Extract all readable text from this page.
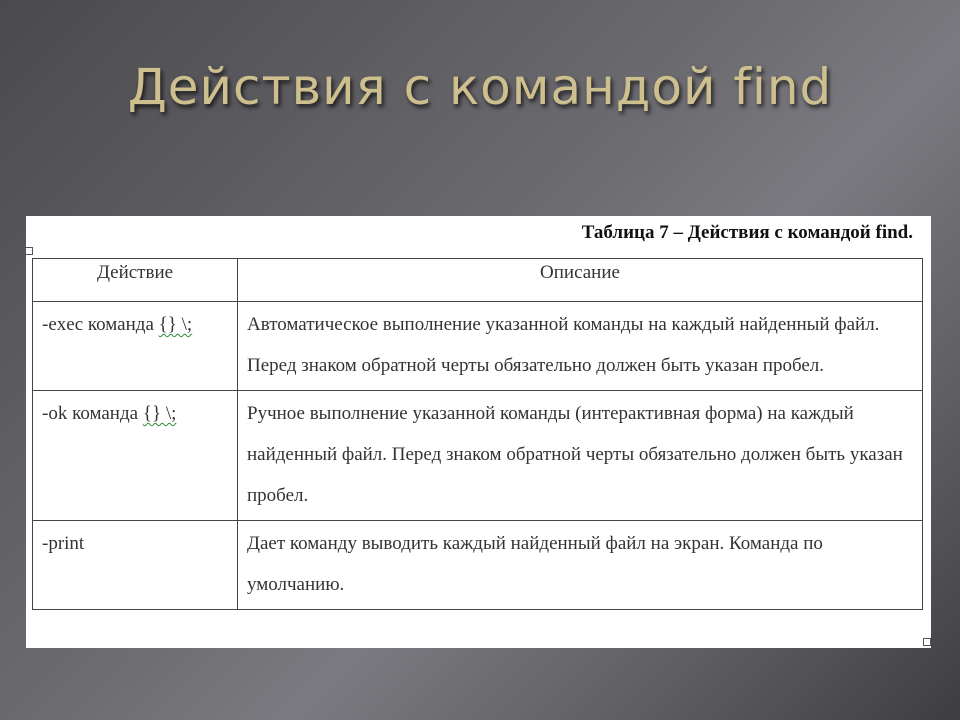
Действия с командой find
Таблица 7 – Действия с командой find.
Действие	Описание
-exec команда {} \;	Автоматическое выполнение указанной команды на каждый найденный файл. Перед знаком обратной черты обязательно должен быть указан пробел.
-ok команда {} \;	Ручное выполнение указанной команды (интерактивная форма) на каждый найденный файл. Перед знаком обратной черты обязательно должен быть указан пробел.
-print	Дает команду выводить каждый найденный файл на экран. Команда по умолчанию.
